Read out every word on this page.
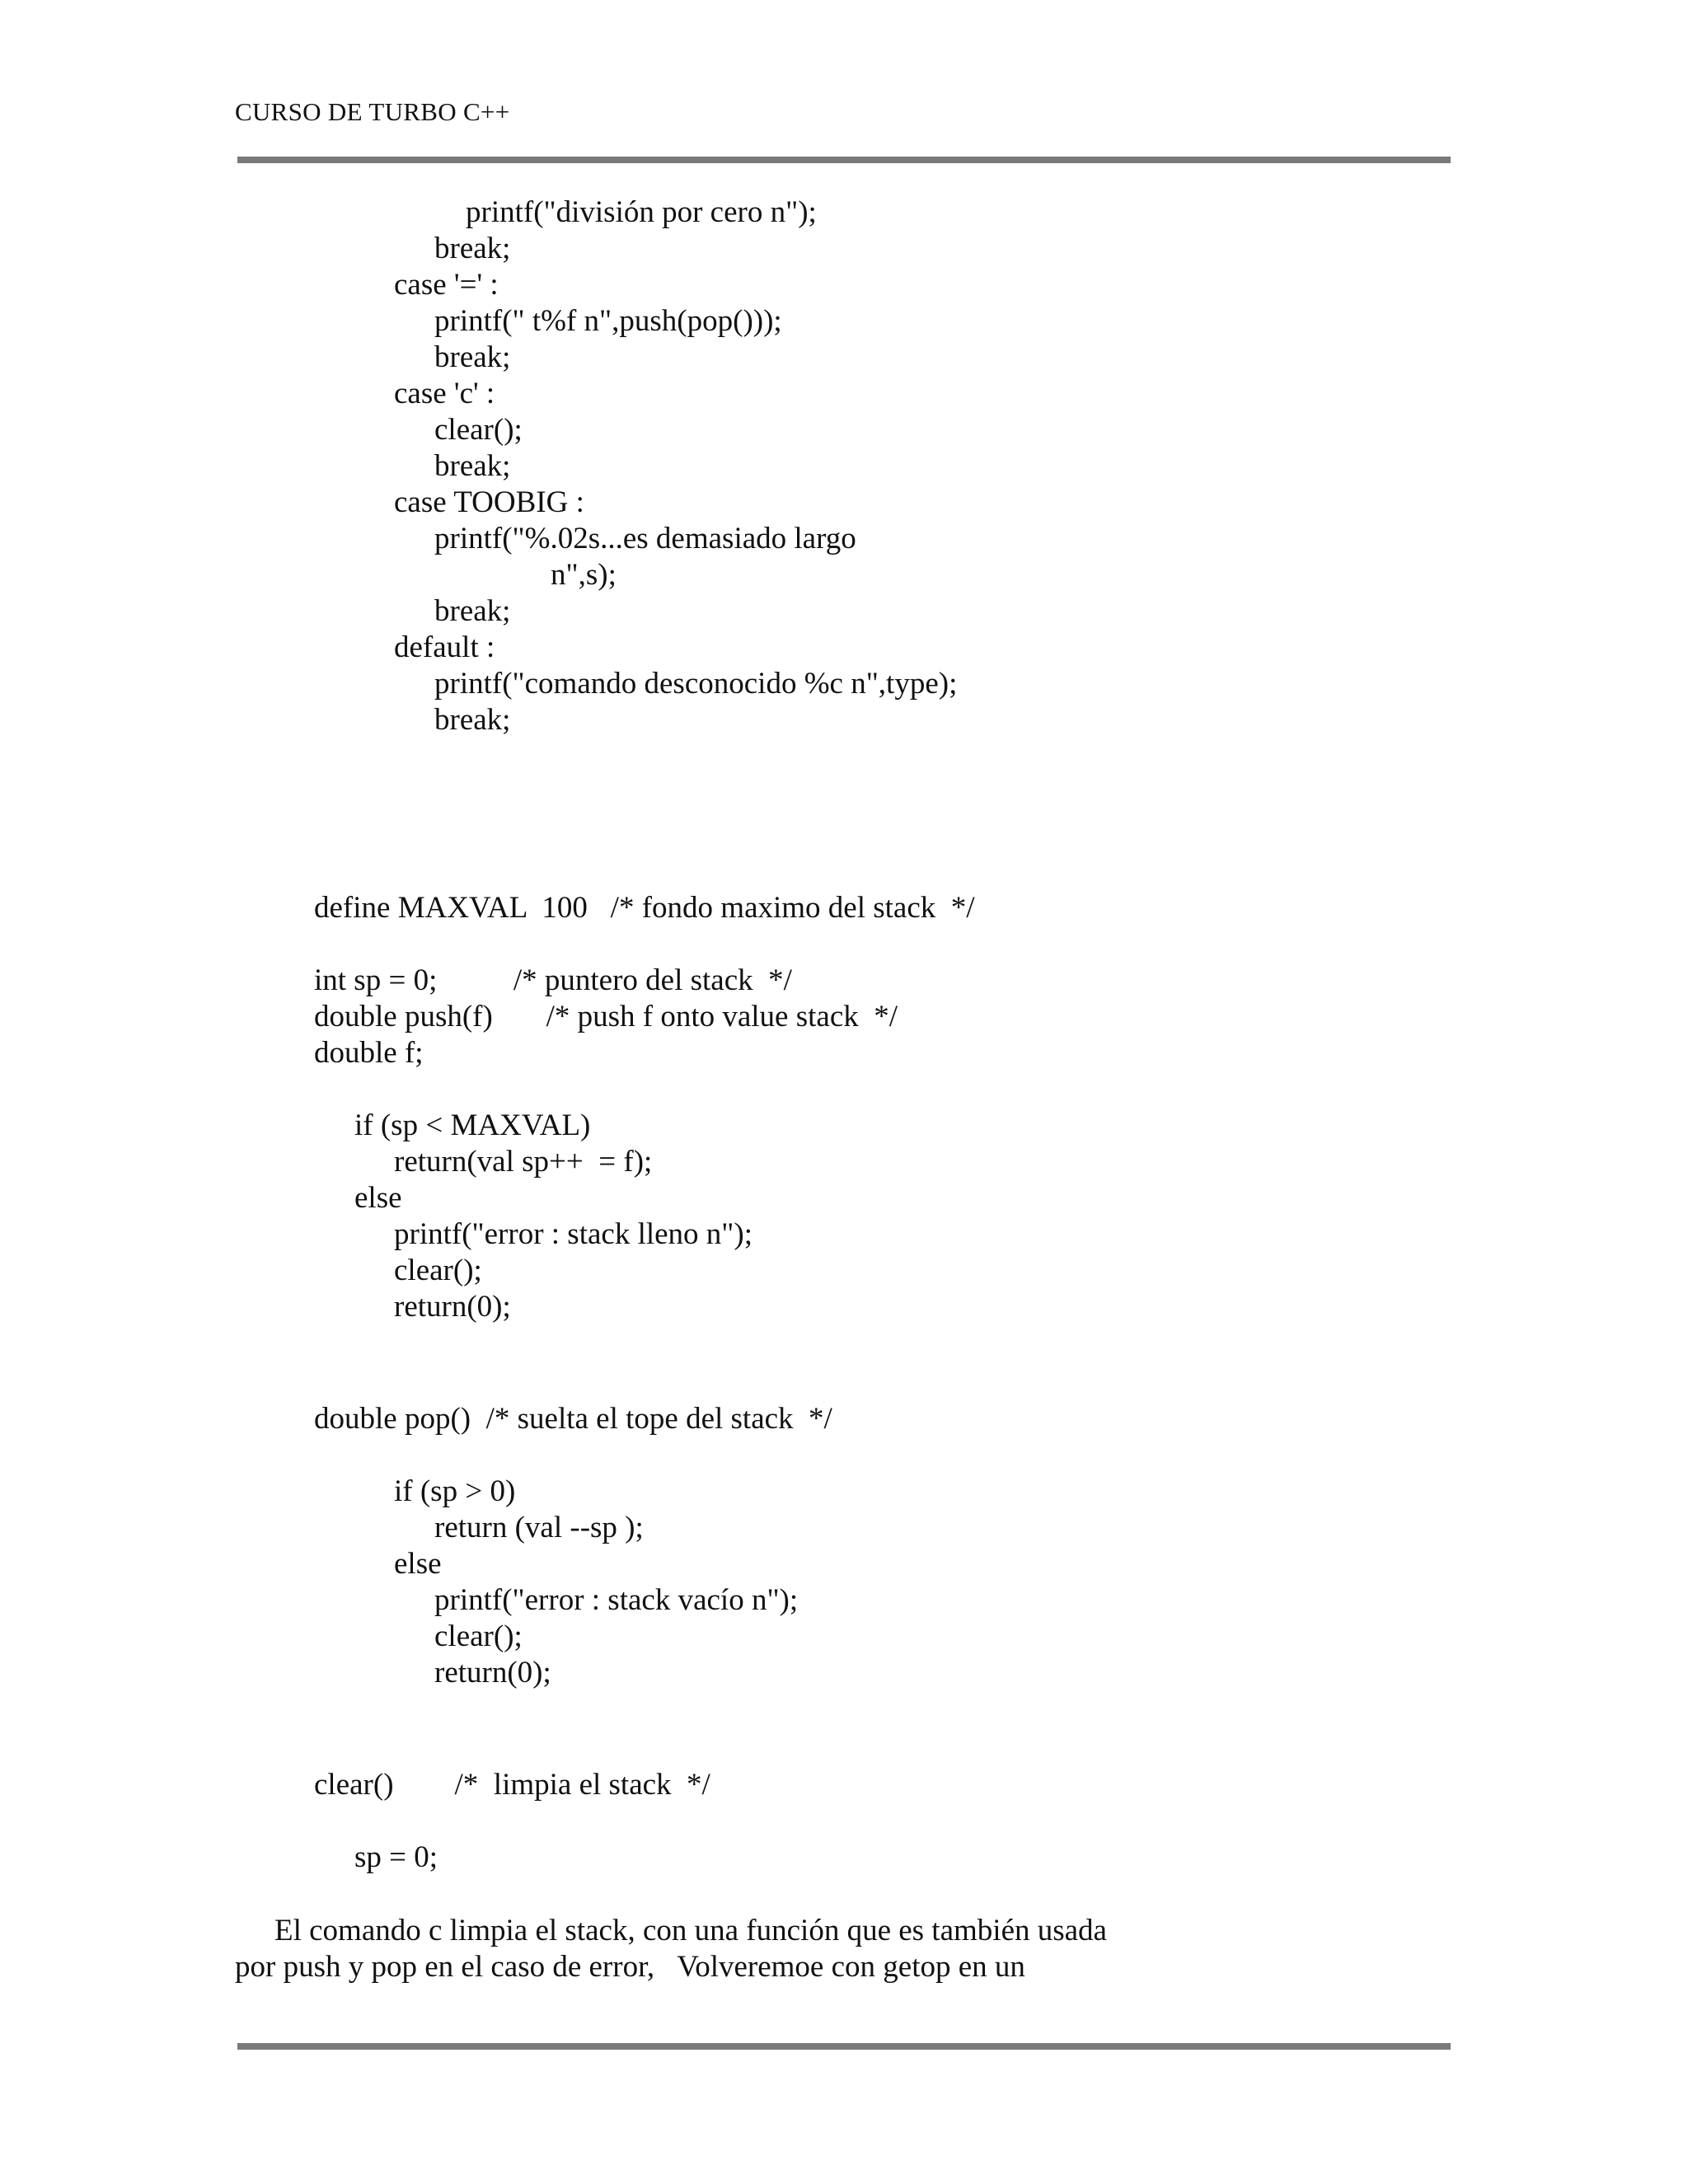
CURSO DE TURBO C++
printf("división por cero n");
break;
case '=' :
printf(" t%f n",push(pop()));
break;
case 'c' :
clear();
break;
case TOOBIG :
printf("%.02s...es demasiado largo
n",s);
break;
default :
printf("comando desconocido %c n",type);
break;
define MAXVAL  100   /* fondo maximo del stack  */
int sp = 0;          /* puntero del stack  */
double push(f)       /* push f onto value stack  */
double f;
if (sp < MAXVAL)
return(val sp++  = f);
else
printf("error : stack lleno n");
clear();
return(0);
double pop()  /* suelta el tope del stack  */
if (sp > 0)
return (val --sp );
else
printf("error : stack vacío n");
clear();
return(0);
clear()        /*  limpia el stack  */
sp = 0;
El comando c limpia el stack, con una función que es también usada
por push y pop en el caso de error,   Volveremoe con getop en un
